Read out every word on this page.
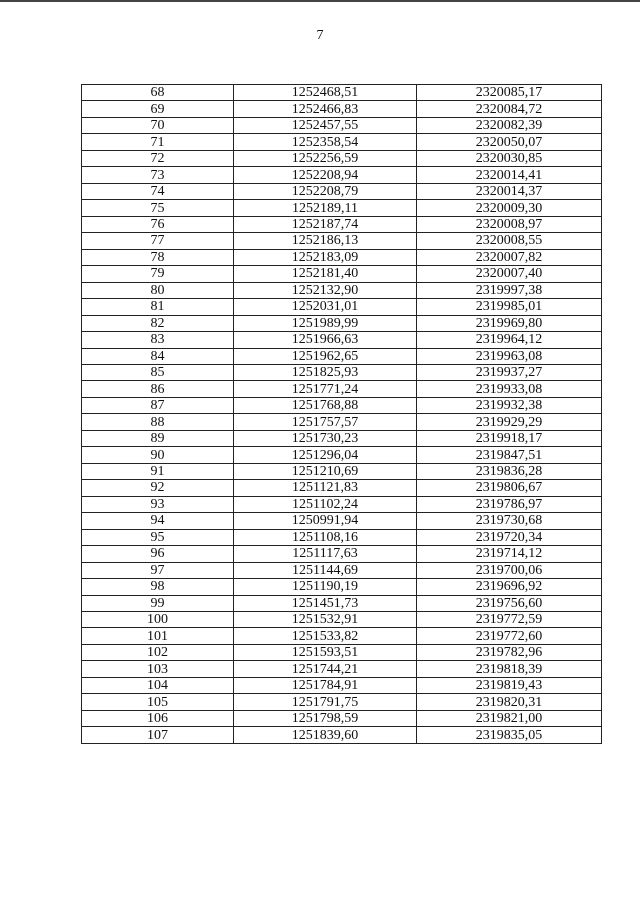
7
68	1252468,51	2320085,17
69	1252466,83	2320084,72
70	1252457,55	2320082,39
71	1252358,54	2320050,07
72	1252256,59	2320030,85
73	1252208,94	2320014,41
74	1252208,79	2320014,37
75	1252189,11	2320009,30
76	1252187,74	2320008,97
77	1252186,13	2320008,55
78	1252183,09	2320007,82
79	1252181,40	2320007,40
80	1252132,90	2319997,38
81	1252031,01	2319985,01
82	1251989,99	2319969,80
83	1251966,63	2319964,12
84	1251962,65	2319963,08
85	1251825,93	2319937,27
86	1251771,24	2319933,08
87	1251768,88	2319932,38
88	1251757,57	2319929,29
89	1251730,23	2319918,17
90	1251296,04	2319847,51
91	1251210,69	2319836,28
92	1251121,83	2319806,67
93	1251102,24	2319786,97
94	1250991,94	2319730,68
95	1251108,16	2319720,34
96	1251117,63	2319714,12
97	1251144,69	2319700,06
98	1251190,19	2319696,92
99	1251451,73	2319756,60
100	1251532,91	2319772,59
101	1251533,82	2319772,60
102	1251593,51	2319782,96
103	1251744,21	2319818,39
104	1251784,91	2319819,43
105	1251791,75	2319820,31
106	1251798,59	2319821,00
107	1251839,60	2319835,05
